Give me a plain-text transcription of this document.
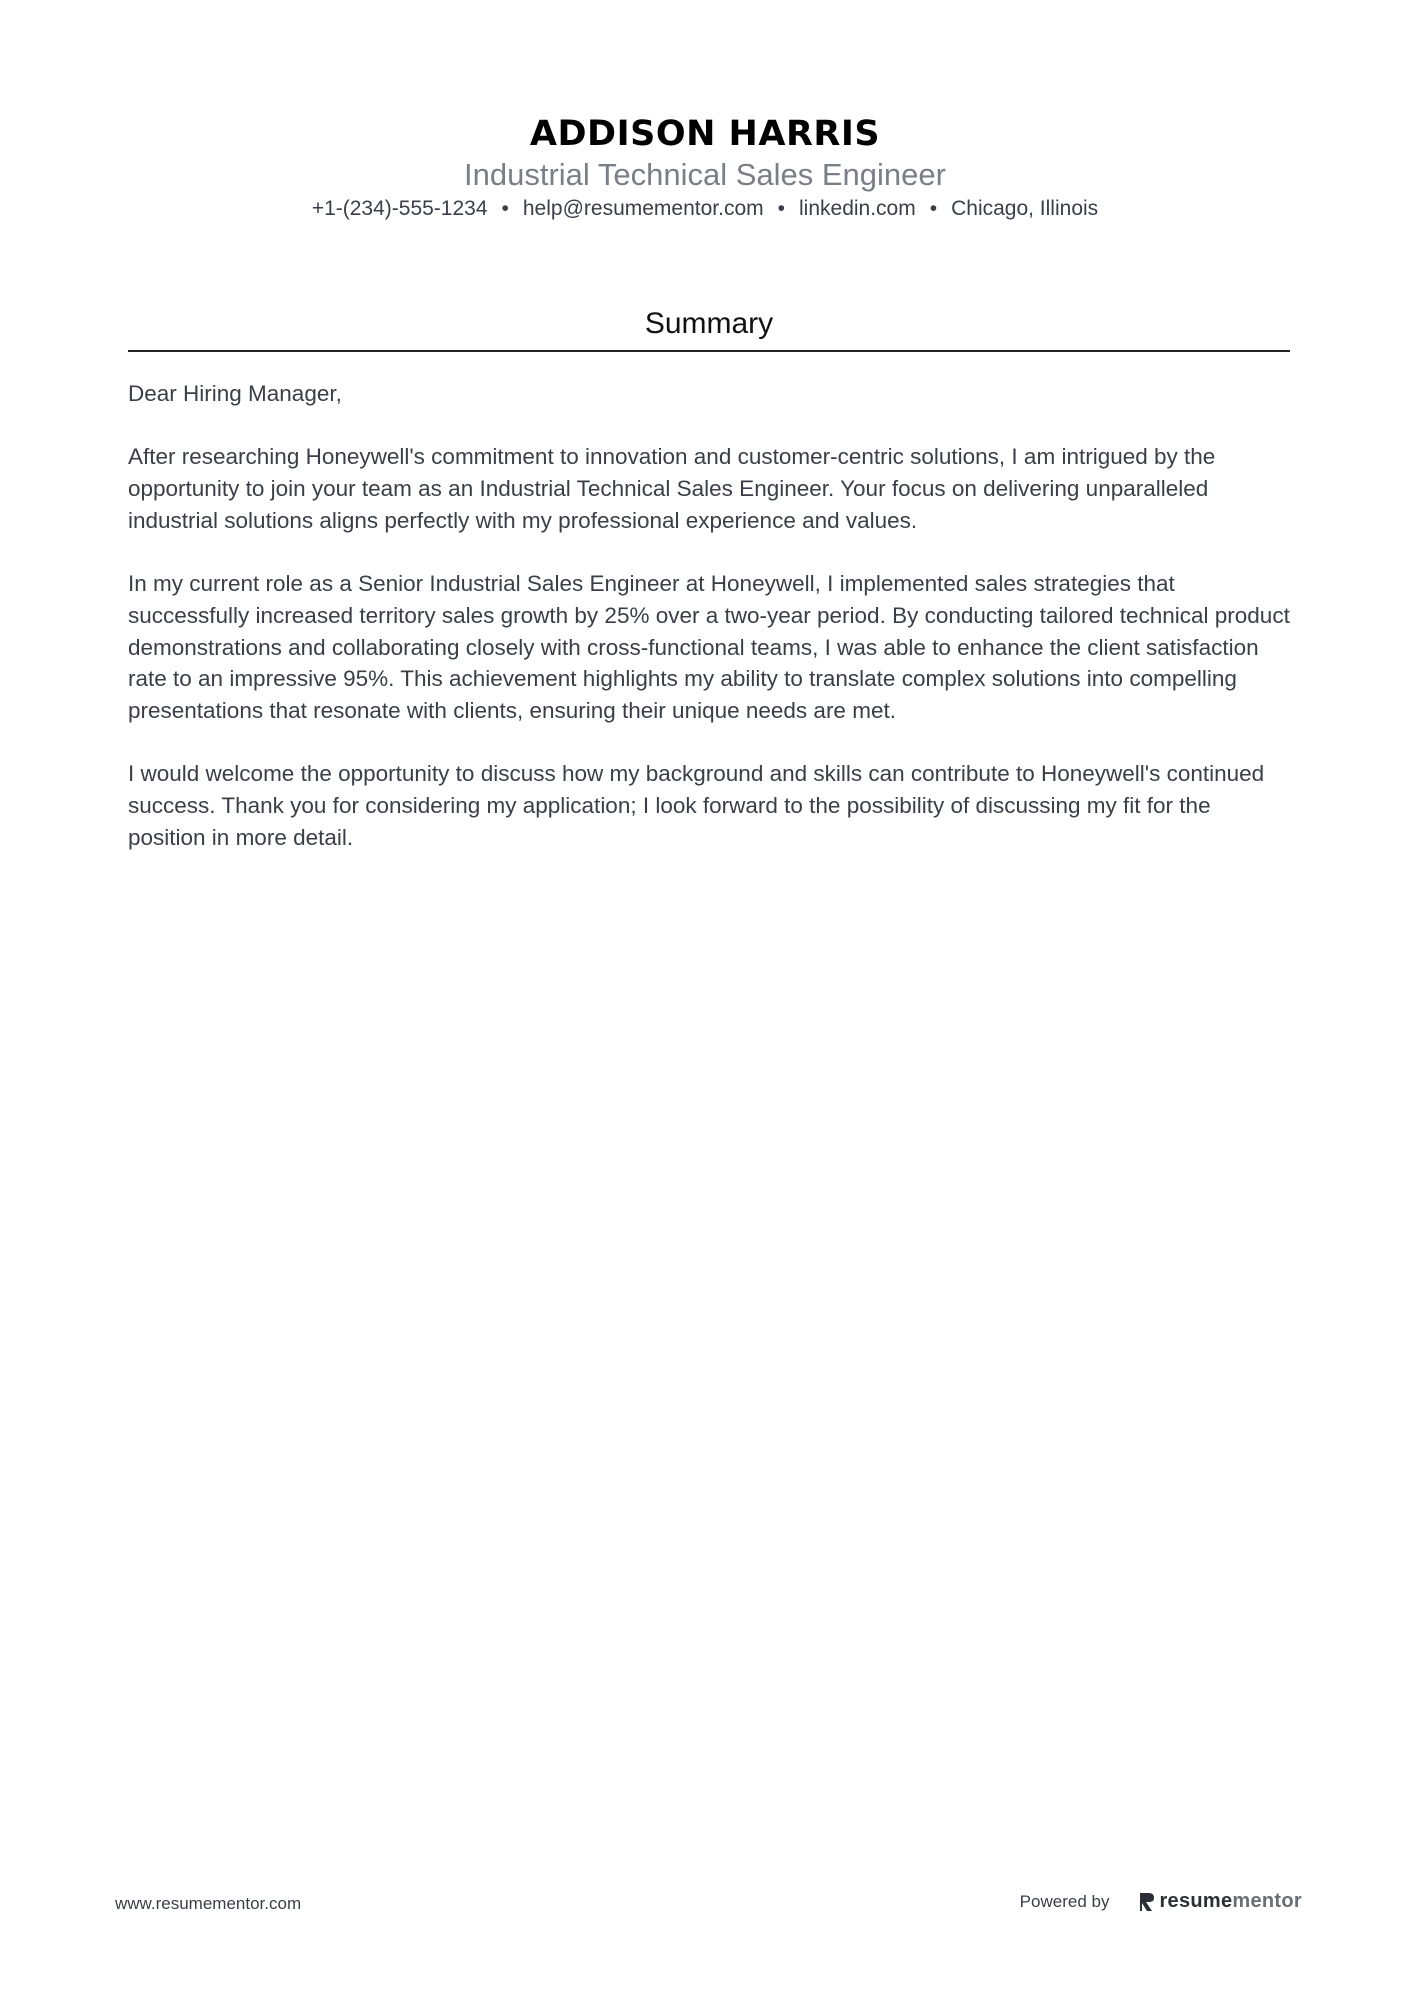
ADDISON HARRIS
Industrial Technical Sales Engineer
+1-(234)-555-1234 • help@resumementor.com • linkedin.com • Chicago, Illinois
Summary

Dear Hiring Manager,

After researching Honeywell's commitment to innovation and customer-centric solutions, I am intrigued by the opportunity to join your team as an Industrial Technical Sales Engineer. Your focus on delivering unparalleled industrial solutions aligns perfectly with my professional experience and values.

In my current role as a Senior Industrial Sales Engineer at Honeywell, I implemented sales strategies that successfully increased territory sales growth by 25% over a two-year period. By conducting tailored technical product demonstrations and collaborating closely with cross-functional teams, I was able to enhance the client satisfaction rate to an impressive 95%. This achievement highlights my ability to translate complex solutions into compelling presentations that resonate with clients, ensuring their unique needs are met.

I would welcome the opportunity to discuss how my background and skills can contribute to Honeywell's continued success. Thank you for considering my application; I look forward to the possibility of discussing my fit for the position in more detail.

www.resumementor.com	Powered by	resume mentor
